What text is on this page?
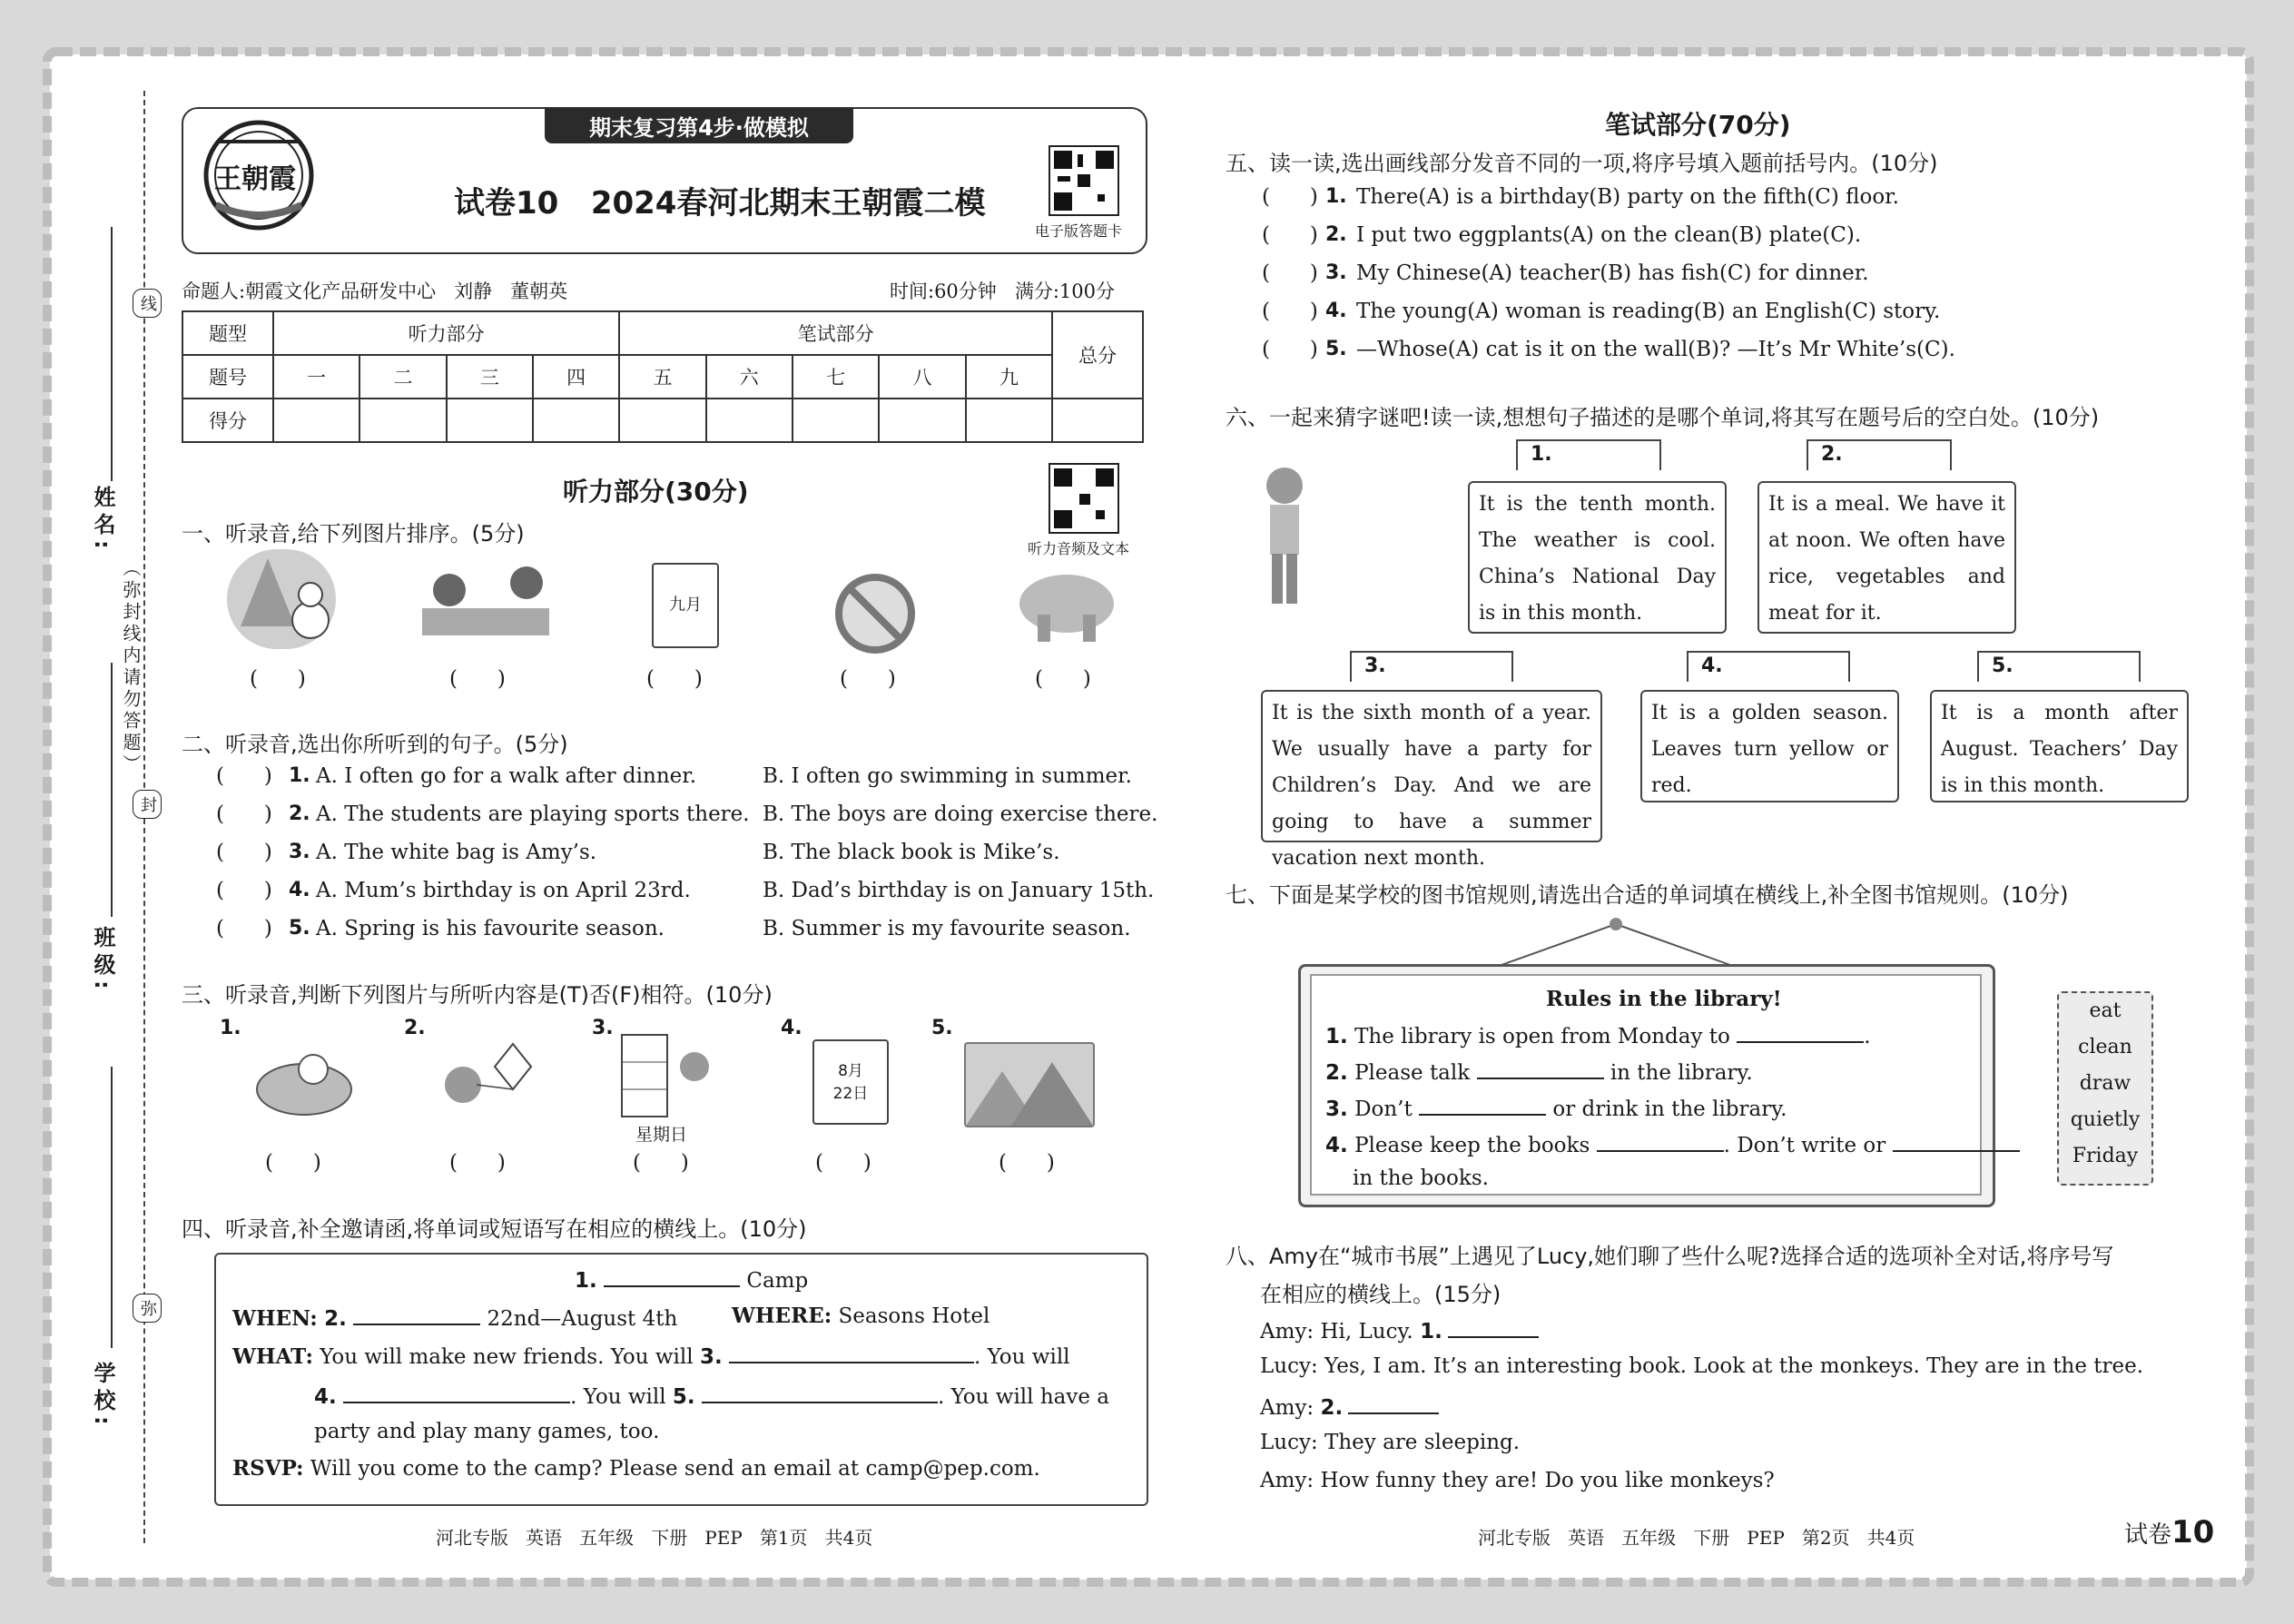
线
封
弥
（弥封线内请勿答题）
姓名:
班级:
学校:
期末复习第4步·做模拟
王朝霞
试卷10   2024春河北期末王朝霞二模
电子版答题卡
命题人:朝霞文化产品研发中心   刘静   董朝英	时间:60分钟   满分:100分
题型	听力部分				笔试部分					总分
题号	一	二	三	四	五	六	七	八	九	
得分										
听力部分(30分)
听力音频及文本
一、听录音,给下列图片排序。(5分)
九月
(      )	(      )	(      )	(      )	(      )
二、听录音,选出你所听到的句子。(5分)
(      ) 1. A. I often go for a walk after dinner.	B. I often go swimming in summer.
(      ) 2. A. The students are playing sports there. B. The boys are doing exercise there.
(      ) 3. A. The white bag is Amy’s.	B. The black book is Mike’s.
(      ) 4. A. Mum’s birthday is on April 23rd.	B. Dad’s birthday is on January 15th.
(      ) 5. A. Spring is his favourite season.	B. Summer is my favourite season.
三、听录音,判断下列图片与所听内容是(T)否(F)相符。(10分)
1.	2.	3.	4.	5.
星期日
8月
22日
(      )	(      )	(      )	(      )	(      )
四、听录音,补全邀请函,将单词或短语写在相应的横线上。(10分)
1.	Camp
WHEN: 2.	22nd—August 4th	WHERE: Seasons Hotel
WHAT: You will make new friends. You will 3.	. You will
4.	. You will 5.	. You will have a
party and play many games, too.
RSVP: Will you come to the camp? Please send an email at camp@pep.com.
笔试部分(70分)
五、读一读,选出画线部分发音不同的一项,将序号填入题前括号内。(10分)
(      ) 1. There(A) is a birthday(B) party on the fifth(C) floor.
(      ) 2. I put two eggplants(A) on the clean(B) plate(C).
(      ) 3. My Chinese(A) teacher(B) has fish(C) for dinner.
(      ) 4. The young(A) woman is reading(B) an English(C) story.
(      ) 5. —Whose(A) cat is it on the wall(B)? —It’s Mr White’s(C).
六、一起来猜字谜吧!读一读,想想句子描述的是哪个单词,将其写在题号后的空白处。(10分)
1.
It is the tenth month. The weather is cool. China’s National Day is in this month.
2.
It is a meal. We have it at noon. We often have rice, vegetables and meat for it.
3.
It is the sixth month of a year. We usually have a party for Children’s Day. And we are going to have a summer vacation next month.
4.
It is a golden season. Leaves turn yellow or red.
5.
It is a month after August. Teachers’ Day is in this month.
七、下面是某学校的图书馆规则,请选出合适的单词填在横线上,补全图书馆规则。(10分)
Rules in the library!
1. The library is open from Monday to	.
2. Please talk	in the library.
3. Don’t	or drink in the library.
4. Please keep the books	. Don’t write or
in the books.
eat
clean
draw
quietly
Friday
八、Amy在“城市书展”上遇见了Lucy,她们聊了些什么呢?选择合适的选项补全对话,将序号写
在相应的横线上。(15分)
Amy: Hi, Lucy. 1.
Lucy: Yes, I am. It’s an interesting book. Look at the monkeys. They are in the tree.
Amy: 2.
Lucy: They are sleeping.
Amy: How funny they are! Do you like monkeys?
河北专版   英语   五年级   下册   PEP   第1页   共4页	河北专版   英语   五年级   下册   PEP   第2页   共4页	试卷10
